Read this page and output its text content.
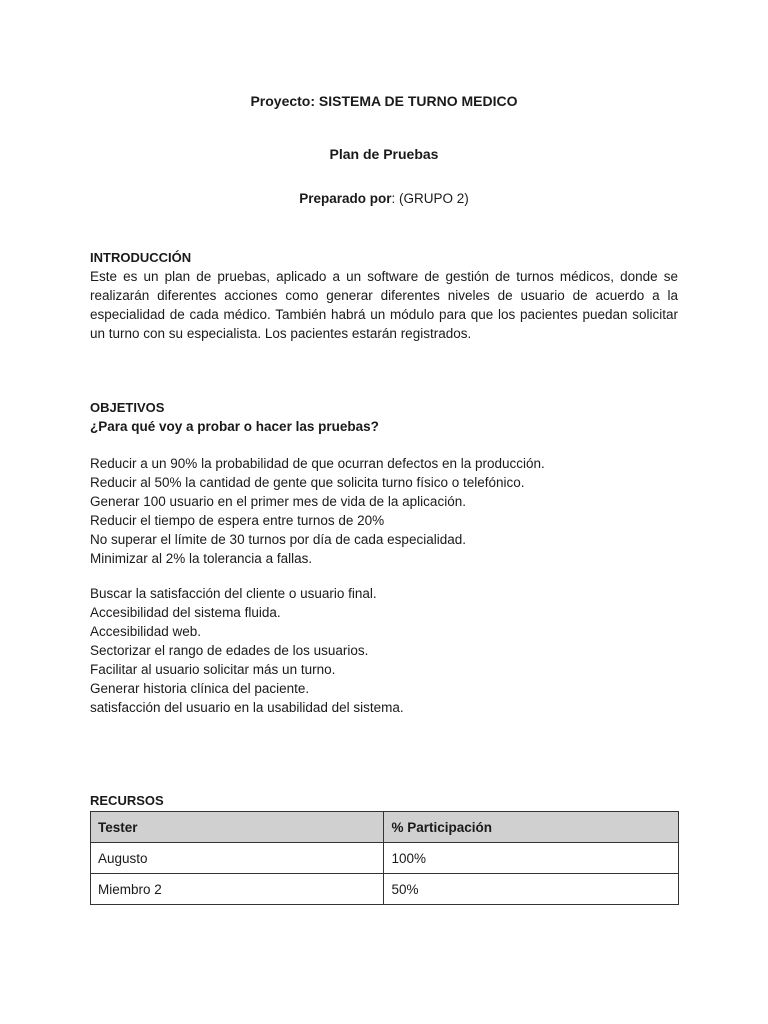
Proyecto: SISTEMA DE TURNO MEDICO
Plan de Pruebas
Preparado por: (GRUPO 2)
INTRODUCCIÓN
Este es un plan de pruebas, aplicado a un software de gestión de turnos médicos, donde se realizarán diferentes acciones como generar diferentes niveles de usuario de acuerdo a la especialidad de cada médico. También habrá un módulo para que los pacientes puedan solicitar un turno con su especialista. Los pacientes estarán registrados.
OBJETIVOS
¿Para qué voy a probar o hacer las pruebas?
Reducir a un 90% la probabilidad de que ocurran defectos en la producción.
Reducir al 50% la cantidad de gente que solicita turno físico o telefónico.
Generar 100 usuario en el primer mes de vida de la aplicación.
Reducir el tiempo de espera entre turnos de 20%
No superar el límite de 30 turnos por día de cada especialidad.
Minimizar al 2% la tolerancia a fallas.
Buscar la satisfacción del cliente o usuario final.
Accesibilidad del sistema fluida.
Accesibilidad web.
Sectorizar el rango de edades de los usuarios.
Facilitar al usuario solicitar más un turno.
Generar historia clínica del paciente.
satisfacción del usuario en la usabilidad del sistema.
RECURSOS
Tester	% Participación
Augusto	100%
Miembro 2	50%
